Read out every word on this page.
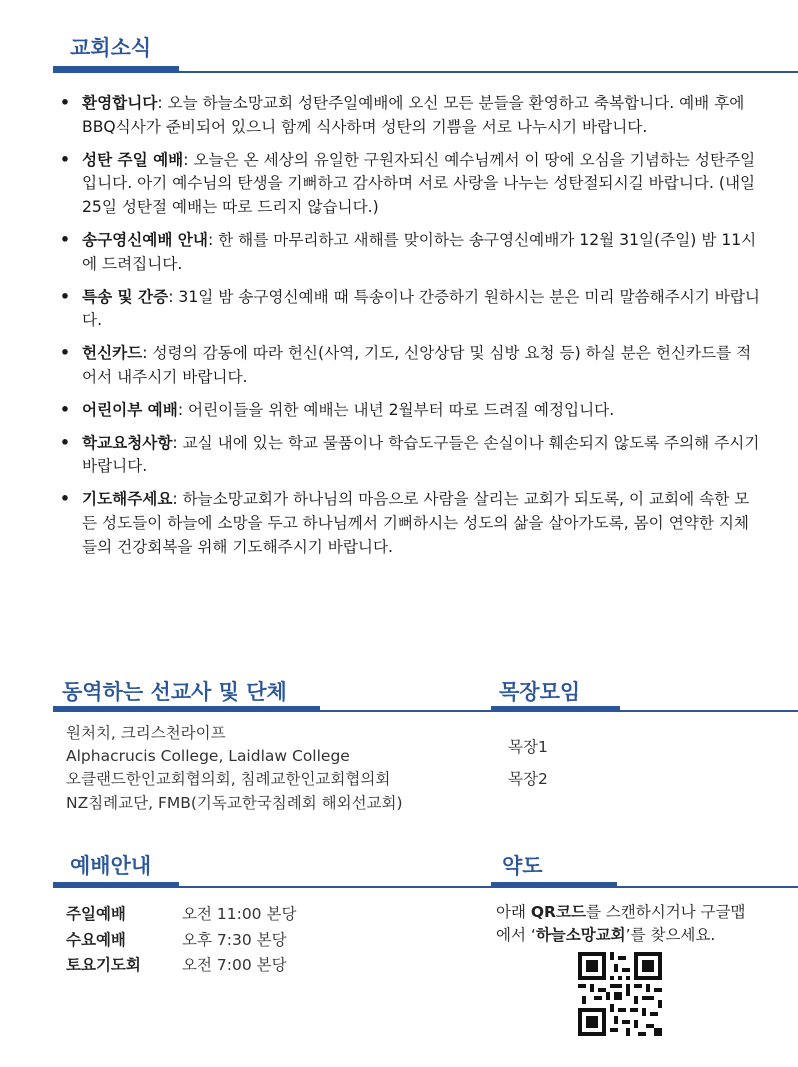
교회소식
• 환영합니다: 오늘 하늘소망교회 성탄주일예배에 오신 모든 분들을 환영하고 축복합니다. 예배 후에 BBQ식사가 준비되어 있으니 함께 식사하며 성탄의 기쁨을 서로 나누시기 바랍니다.
• 성탄 주일 예배: 오늘은 온 세상의 유일한 구원자되신 예수님께서 이 땅에 오심을 기념하는 성탄주일입니다. 아기 예수님의 탄생을 기뻐하고 감사하며 서로 사랑을 나누는 성탄절되시길 바랍니다. (내일 25일 성탄절 예배는 따로 드리지 않습니다.)
• 송구영신예배 안내: 한 해를 마무리하고 새해를 맞이하는 송구영신예배가 12월 31일(주일) 밤 11시에 드려집니다.
• 특송 및 간증: 31일 밤 송구영신예배 때 특송이나 간증하기 원하시는 분은 미리 말씀해주시기 바랍니다.
• 헌신카드: 성령의 감동에 따라 헌신(사역, 기도, 신앙상담 및 심방 요청 등) 하실 분은 헌신카드를 적어서 내주시기 바랍니다.
• 어린이부 예배: 어린이들을 위한 예배는 내년 2월부터 따로 드려질 예정입니다.
• 학교요청사항: 교실 내에 있는 학교 물품이나 학습도구들은 손실이나 훼손되지 않도록 주의해 주시기 바랍니다.
• 기도해주세요: 하늘소망교회가 하나님의 마음으로 사람을 살리는 교회가 되도록, 이 교회에 속한 모든 성도들이 하늘에 소망을 두고 하나님께서 기뻐하시는 성도의 삶을 살아가도록, 몸이 연약한 지체들의 건강회복을 위해 기도해주시기 바랍니다.
동역하는 선교사 및 단체
원처치, 크리스천라이프
Alphacrucis College, Laidlaw College
오클랜드한인교회협의회, 침례교한인교회협의회
NZ침례교단, FMB(기독교한국침례회 해외선교회)
목장모임
목장1
목장2
예배안내
주일예배	오전 11:00 본당
수요예배	오후 7:30 본당
토요기도회	오전 7:00 본당
약도
아래 QR코드를 스캔하시거나 구글맵
에서 ‘하늘소망교회’를 찾으세요.
